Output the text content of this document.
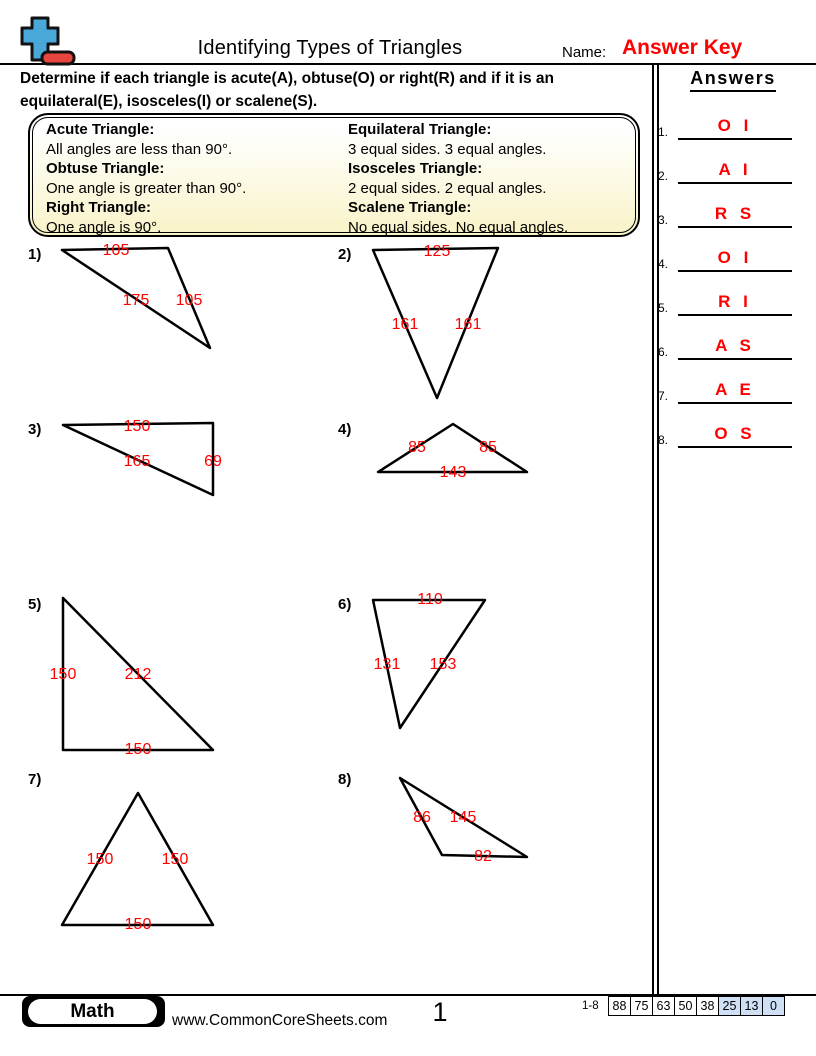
Identifying Types of Triangles	Name: Answer Key
Determine if each triangle is acute(A), obtuse(O) or right(R) and if it is an
equilateral(E), isosceles(I) or scalene(S).
Acute Triangle:
All angles are less than 90°.
Obtuse Triangle:
One angle is greater than 90°.
Right Triangle:
One angle is 90°.
Equilateral Triangle:
3 equal sides. 3 equal angles.
Isosceles Triangle:
2 equal sides. 2 equal angles.
Scalene Triangle:
No equal sides. No equal angles.
1)	105
175 105
2)	125
161 161
3)	150
165	69
4)
85	85
143
5)
150	212
150
6)	110
131 153
7)
150	150
150
8)
86 145
82
Answers
1.	O I
2.	A I
3.	R S
4.	O I
5.	R I
6.	A S
7.	A E
8.	O S
Math	www.CommonCoreSheets.com	1	1-8 88	75	63	50	38	25	13	0
